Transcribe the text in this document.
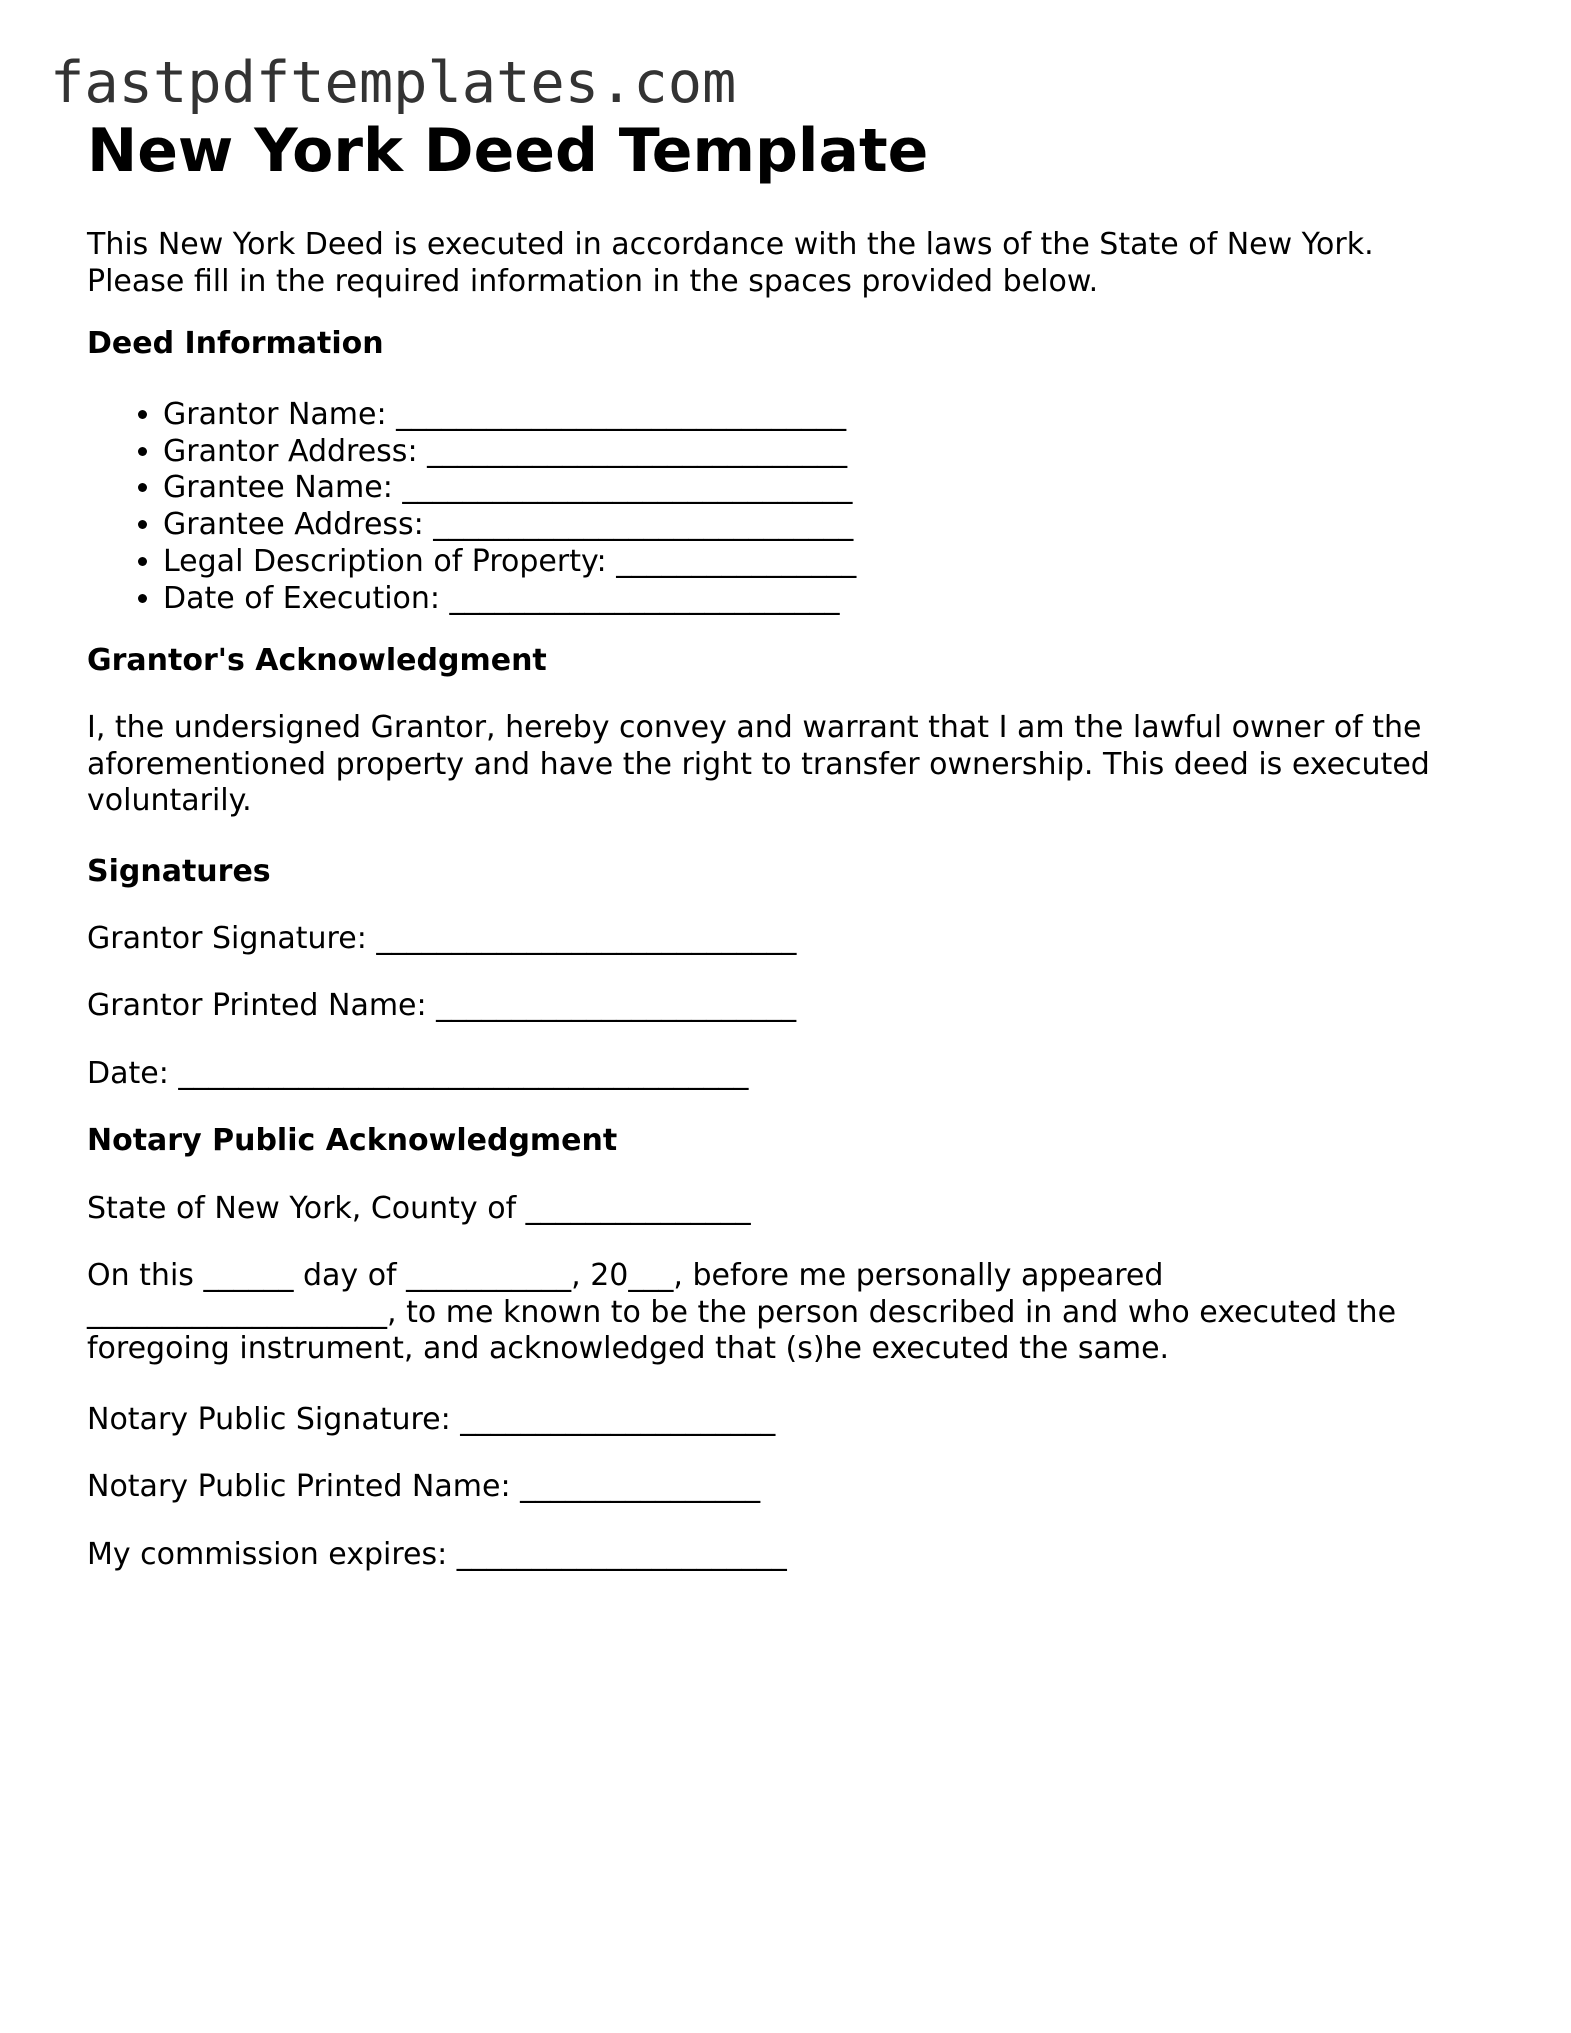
fastpdftemplates.com
New York Deed Template

This New York Deed is executed in accordance with the laws of the State of New York.

Please fill in the required information in the spaces provided below.

Deed Information
• Grantor Name: ______________________________
• Grantor Address: ____________________________
• Grantee Name: ______________________________
• Grantee Address: ____________________________
• Legal Description of Property: ________________
• Date of Execution: __________________________
Grantor's Acknowledgment

I, the undersigned Grantor, hereby convey and warrant that I am the lawful owner of the

aforementioned property and have the right to transfer ownership. This deed is executed

voluntarily.

Signatures

Grantor Signature: ____________________________

Grantor Printed Name: ________________________

Date: ______________________________________

Notary Public Acknowledgment

State of New York, County of _______________

On this ______ day of ___________, 20___, before me personally appeared

____________________, to me known to be the person described in and who executed the

foregoing instrument, and acknowledged that (s)he executed the same.

Notary Public Signature: _____________________

Notary Public Printed Name: ________________

My commission expires: ______________________
